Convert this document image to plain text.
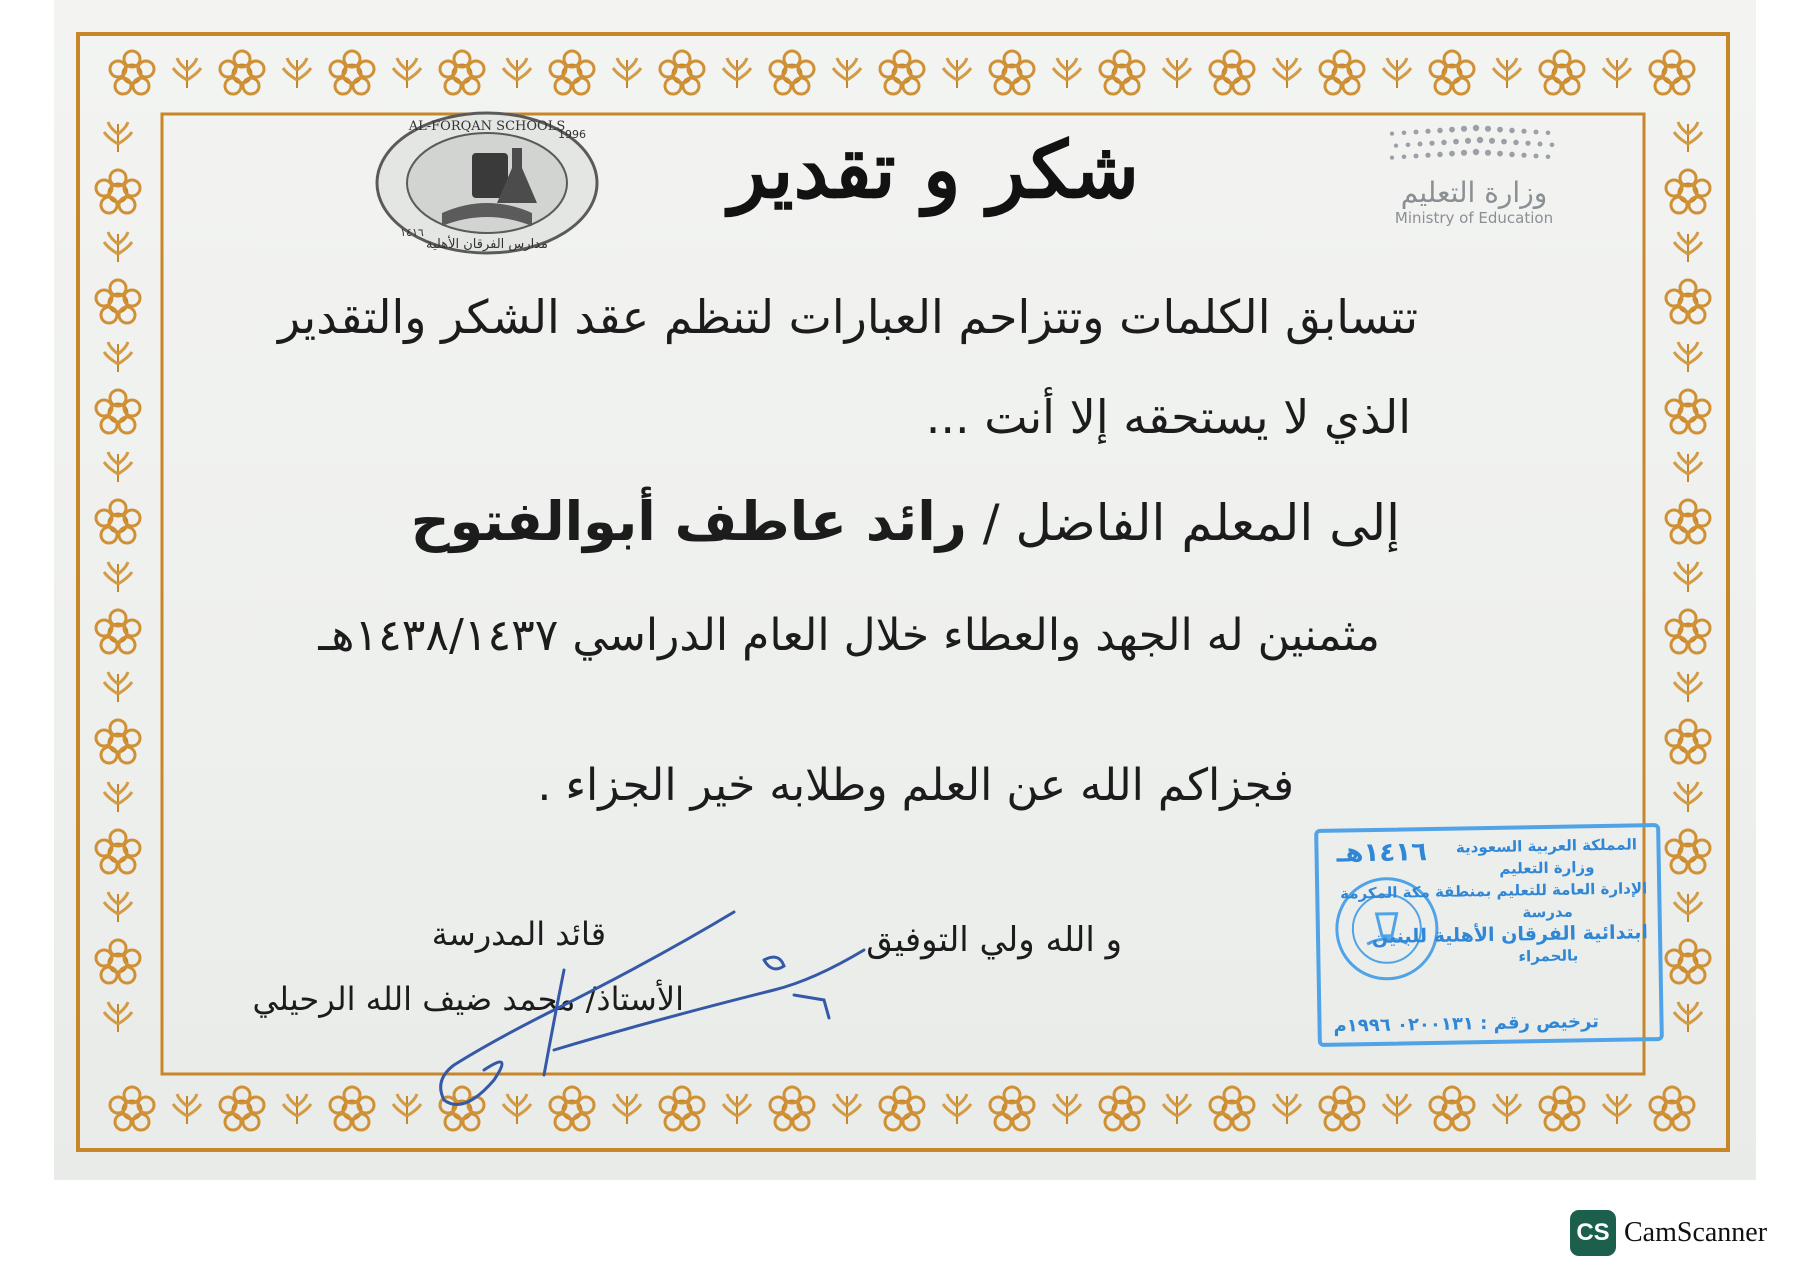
AL-FORQAN SCHOOLS
1996
مدارس الفرقان الأهلية
١٤١٦
وزارة التعليم
Ministry of Education
شكر و تقدير
تتسابق الكلمات وتتزاحم العبارات لتنظم عقد الشكر والتقدير
الذي لا يستحقه إلا أنت ...
إلى المعلم الفاضل / رائد عاطف أبوالفتوح
مثمنين له الجهد والعطاء خلال العام الدراسي ١٤٣٨/١٤٣٧هـ
فجزاكم الله عن العلم وطلابه خير الجزاء .
و الله ولي التوفيق
قائد المدرسة
الأستاذ/ محمد ضيف الله الرحيلي
١٤١٦هـ	المملكة العربية السعودية
وزارة التعليم
الإدارة العامة للتعليم بمنطقة مكة المكرمة
مدرسة
ابتدائية الفرقان الأهلية للبنين
بالحمراء
ترخيص رقم : ٠٢٠٠١٣١ ١٩٩٦م
CS CamScanner
